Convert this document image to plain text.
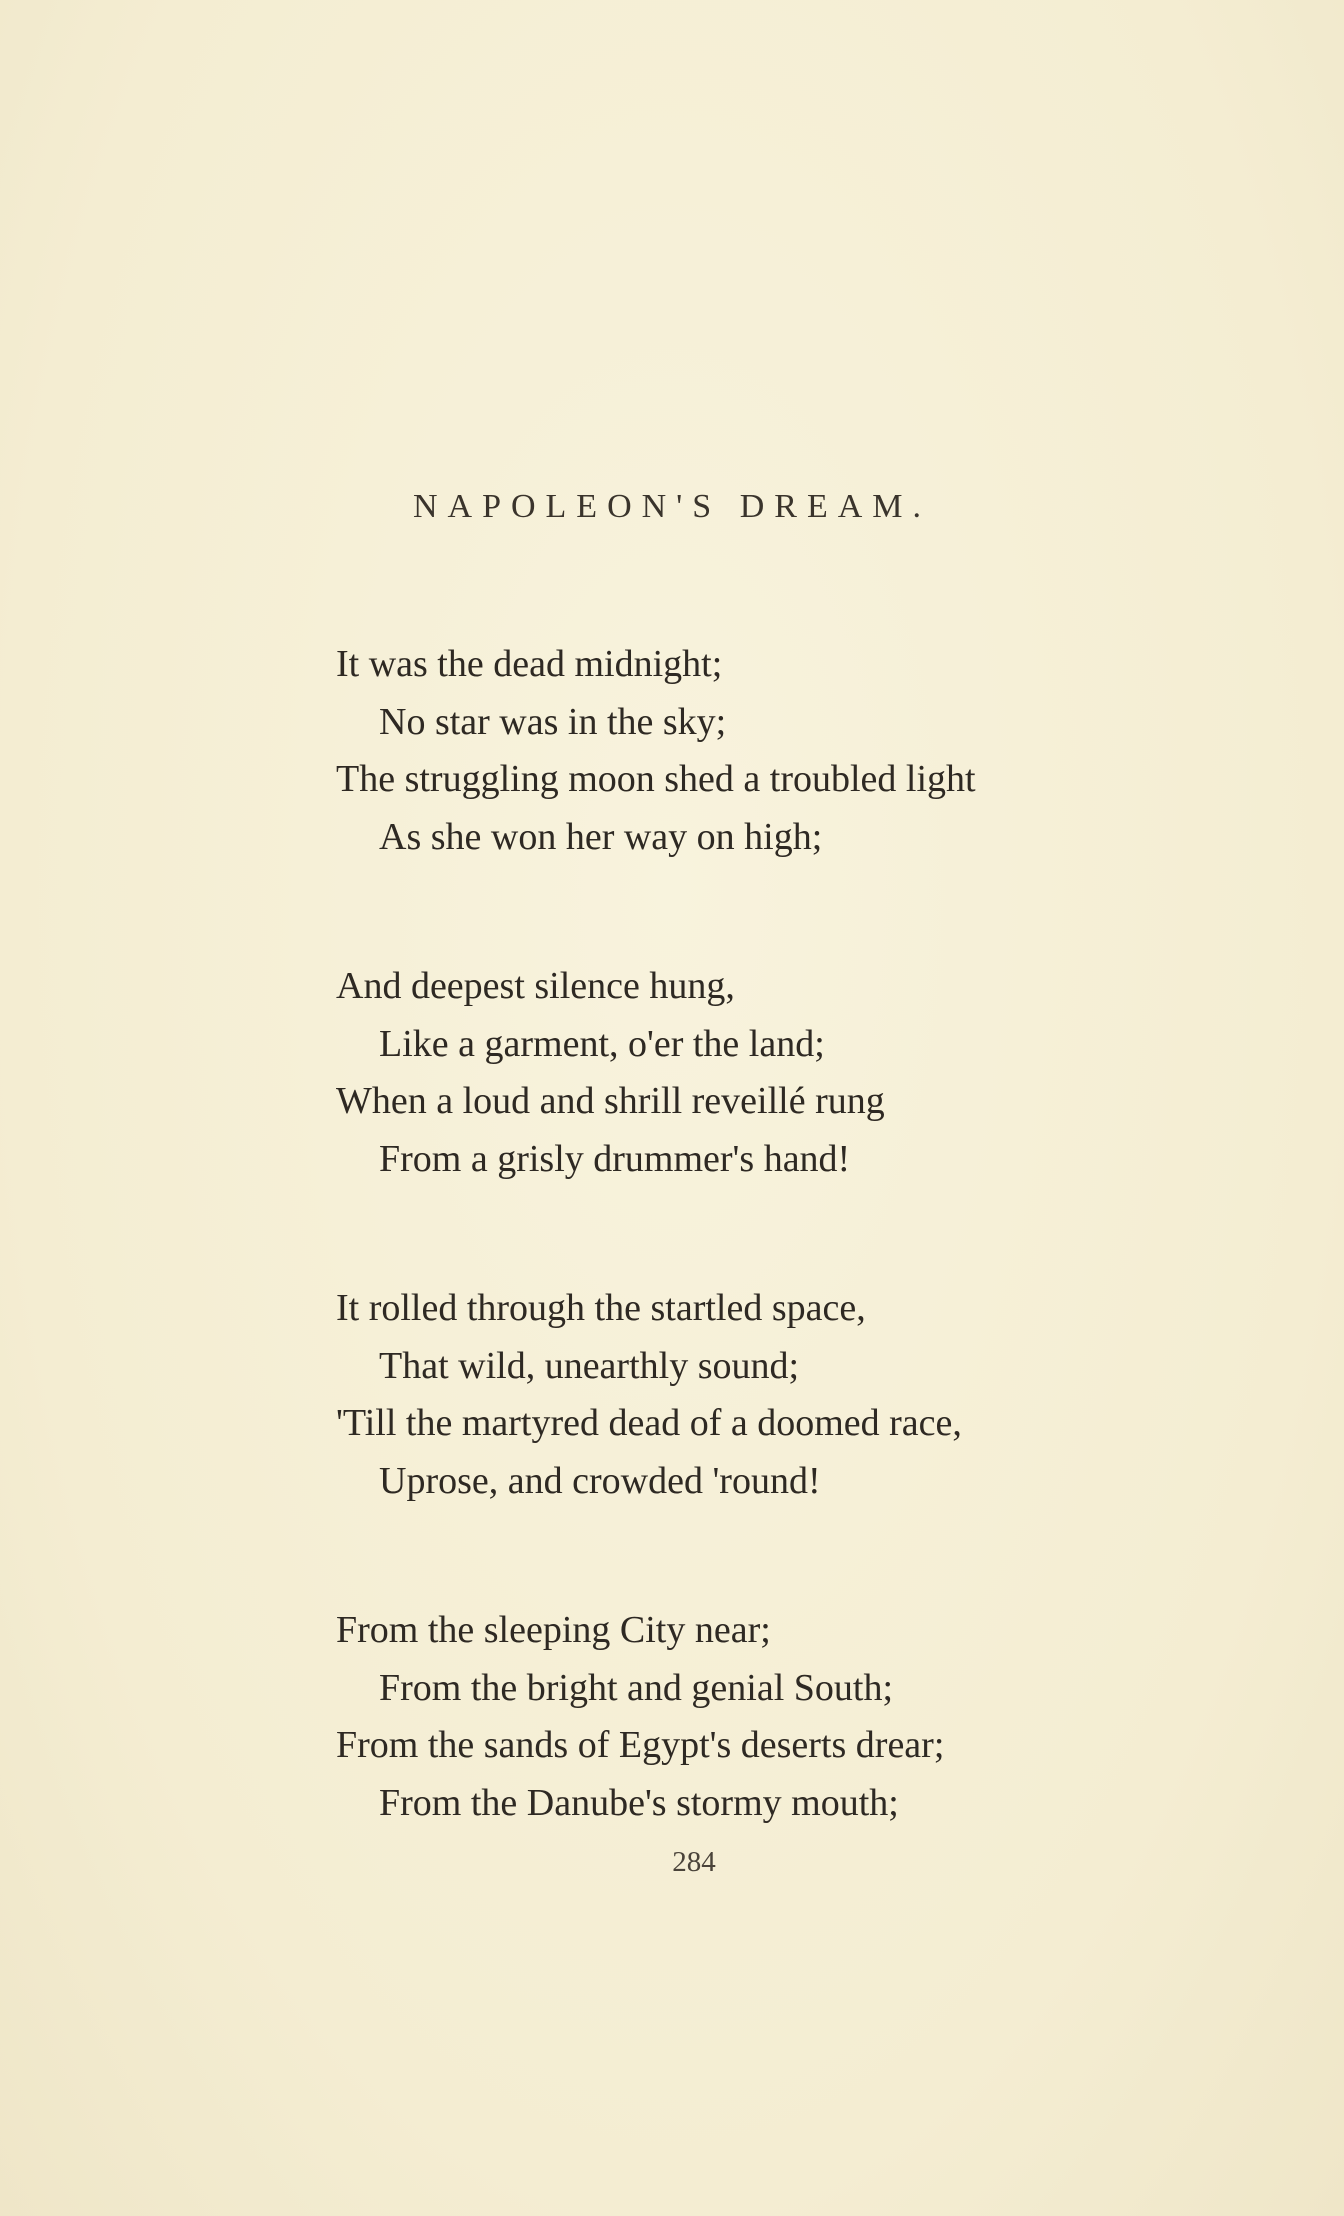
NAPOLEON'S DREAM.
It was the dead midnight;
No star was in the sky;
The struggling moon shed a troubled light
As she won her way on high;
And deepest silence hung,
Like a garment, o'er the land;
When a loud and shrill reveillé rung
From a grisly drummer's hand!
It rolled through the startled space,
That wild, unearthly sound;
'Till the martyred dead of a doomed race,
Uprose, and crowded 'round!
From the sleeping City near;
From the bright and genial South;
From the sands of Egypt's deserts drear;
From the Danube's stormy mouth;
284
